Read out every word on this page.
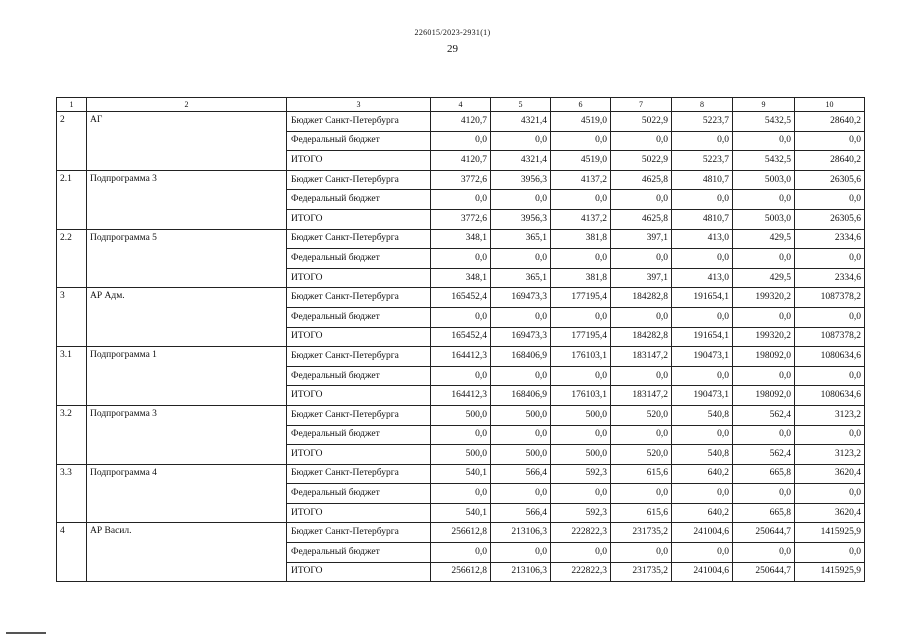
226015/2023-2931(1)
29
1	2	3	4	5	6	7	8	9	10
2	АГ	Бюджет Санкт-Петербурга	4120,7	4321,4	4519,0	5022,9	5223,7	5432,5	28640,2
		Федеральный бюджет	0,0	0,0	0,0	0,0	0,0	0,0	0,0
		ИТОГО	4120,7	4321,4	4519,0	5022,9	5223,7	5432,5	28640,2
2.1	Подпрограмма 3	Бюджет Санкт-Петербурга	3772,6	3956,3	4137,2	4625,8	4810,7	5003,0	26305,6
		Федеральный бюджет	0,0	0,0	0,0	0,0	0,0	0,0	0,0
		ИТОГО	3772,6	3956,3	4137,2	4625,8	4810,7	5003,0	26305,6
2.2	Подпрограмма 5	Бюджет Санкт-Петербурга	348,1	365,1	381,8	397,1	413,0	429,5	2334,6
		Федеральный бюджет	0,0	0,0	0,0	0,0	0,0	0,0	0,0
		ИТОГО	348,1	365,1	381,8	397,1	413,0	429,5	2334,6
3	АР Адм.	Бюджет Санкт-Петербурга	165452,4	169473,3	177195,4	184282,8	191654,1	199320,2	1087378,2
		Федеральный бюджет	0,0	0,0	0,0	0,0	0,0	0,0	0,0
		ИТОГО	165452,4	169473,3	177195,4	184282,8	191654,1	199320,2	1087378,2
3.1	Подпрограмма 1	Бюджет Санкт-Петербурга	164412,3	168406,9	176103,1	183147,2	190473,1	198092,0	1080634,6
		Федеральный бюджет	0,0	0,0	0,0	0,0	0,0	0,0	0,0
		ИТОГО	164412,3	168406,9	176103,1	183147,2	190473,1	198092,0	1080634,6
3.2	Подпрограмма 3	Бюджет Санкт-Петербурга	500,0	500,0	500,0	520,0	540,8	562,4	3123,2
		Федеральный бюджет	0,0	0,0	0,0	0,0	0,0	0,0	0,0
		ИТОГО	500,0	500,0	500,0	520,0	540,8	562,4	3123,2
3.3	Подпрограмма 4	Бюджет Санкт-Петербурга	540,1	566,4	592,3	615,6	640,2	665,8	3620,4
		Федеральный бюджет	0,0	0,0	0,0	0,0	0,0	0,0	0,0
		ИТОГО	540,1	566,4	592,3	615,6	640,2	665,8	3620,4
4	АР Васил.	Бюджет Санкт-Петербурга	256612,8	213106,3	222822,3	231735,2	241004,6	250644,7	1415925,9
		Федеральный бюджет	0,0	0,0	0,0	0,0	0,0	0,0	0,0
		ИТОГО	256612,8	213106,3	222822,3	231735,2	241004,6	250644,7	1415925,9
